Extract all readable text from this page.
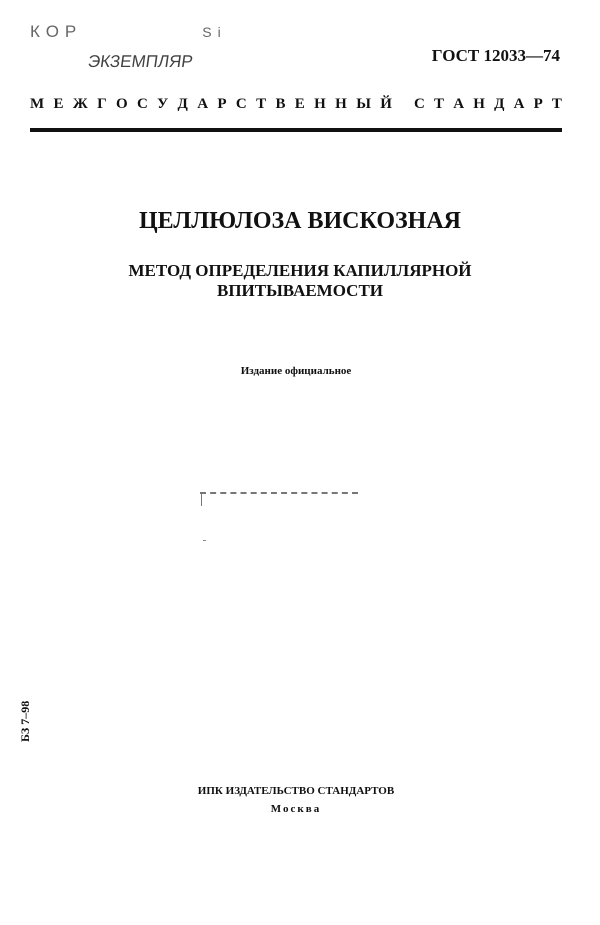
КОР	Si
ЭКЗЕМПЛЯР	ГОСТ 12033—74
М Е Ж Г О С У Д А Р С Т В Е Н Н Ы Й С Т А Н Д А Р Т
ЦЕЛЛЮЛОЗА ВИСКОЗНАЯ
МЕТОД ОПРЕДЕЛЕНИЯ КАПИЛЛЯРНОЙ
ВПИТЫВАЕМОСТИ
Издание официальное
БЗ 7–98
ИПК ИЗДАТЕЛЬСТВО СТАНДАРТОВ
Москва
